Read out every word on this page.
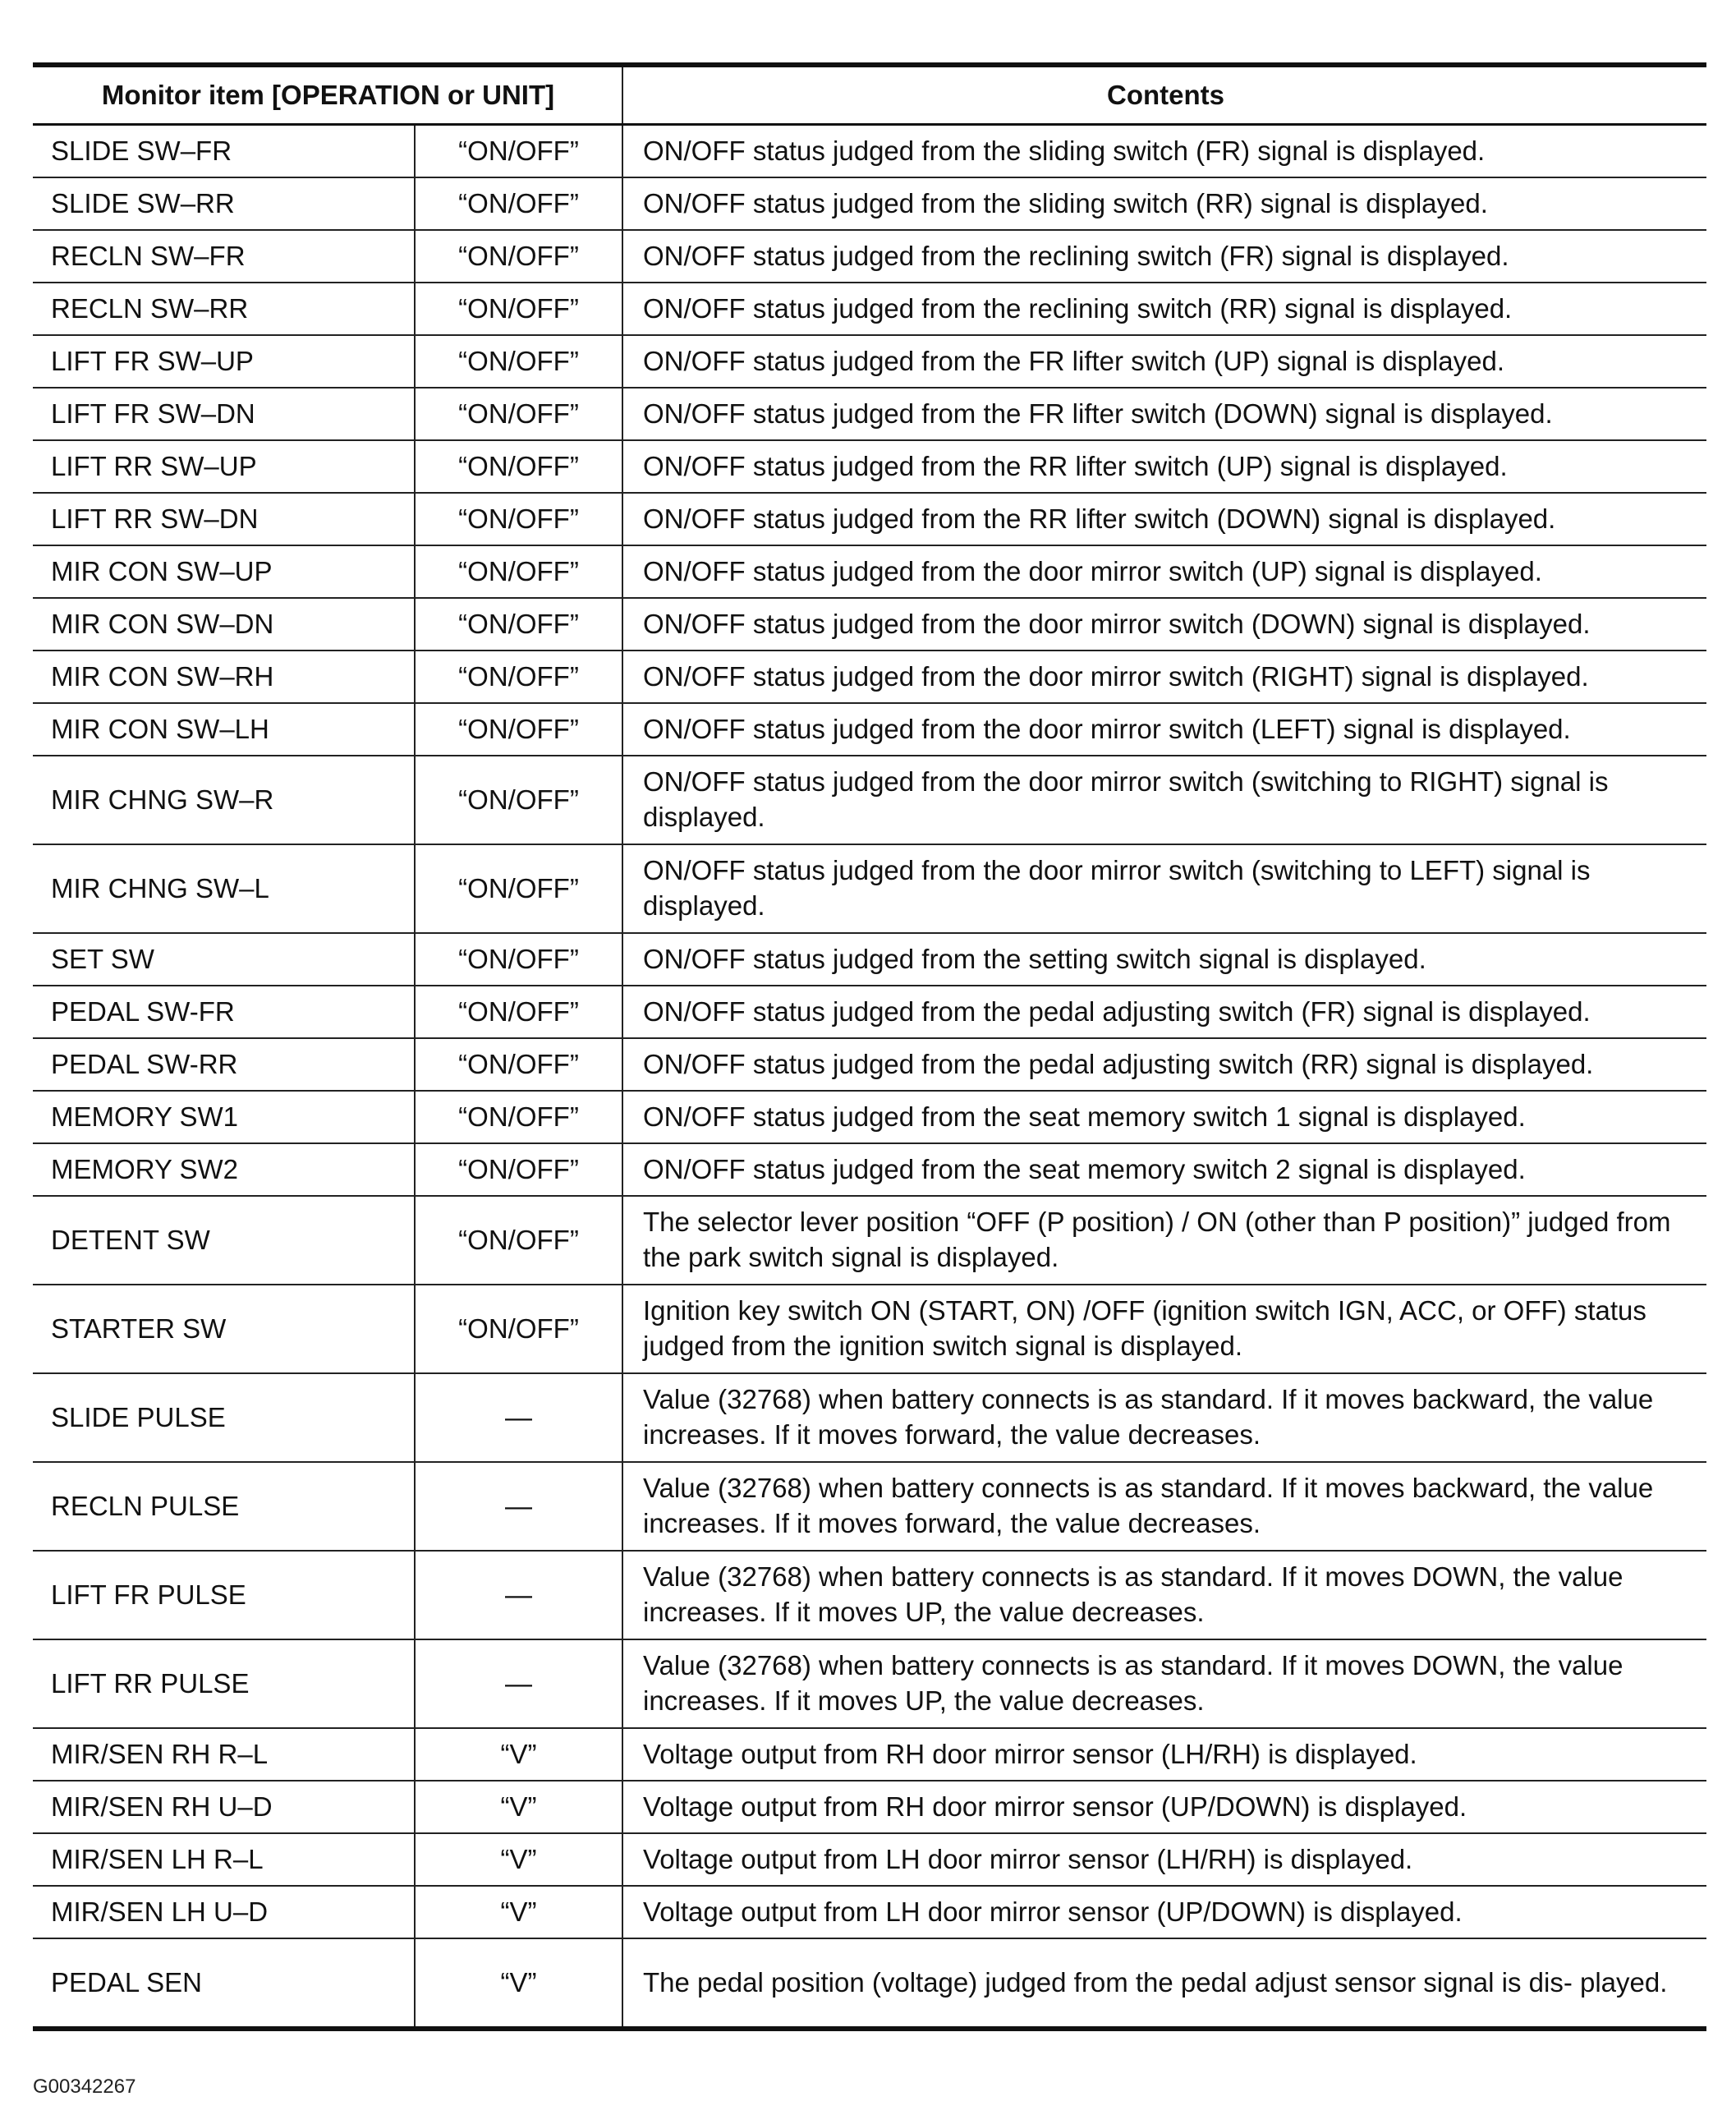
Monitor item [OPERATION or UNIT]		Contents
SLIDE SW–FR	“ON/OFF”	ON/OFF status judged from the sliding switch (FR) signal is displayed.
SLIDE SW–RR	“ON/OFF”	ON/OFF status judged from the sliding switch (RR) signal is displayed.
RECLN SW–FR	“ON/OFF”	ON/OFF status judged from the reclining switch (FR) signal is displayed.
RECLN SW–RR	“ON/OFF”	ON/OFF status judged from the reclining switch (RR) signal is displayed.
LIFT FR SW–UP	“ON/OFF”	ON/OFF status judged from the FR lifter switch (UP) signal is displayed.
LIFT FR SW–DN	“ON/OFF”	ON/OFF status judged from the FR lifter switch (DOWN) signal is displayed.
LIFT RR SW–UP	“ON/OFF”	ON/OFF status judged from the RR lifter switch (UP) signal is displayed.
LIFT RR SW–DN	“ON/OFF”	ON/OFF status judged from the RR lifter switch (DOWN) signal is displayed.
MIR CON SW–UP	“ON/OFF”	ON/OFF status judged from the door mirror switch (UP) signal is displayed.
MIR CON SW–DN	“ON/OFF”	ON/OFF status judged from the door mirror switch (DOWN) signal is displayed.
MIR CON SW–RH	“ON/OFF”	ON/OFF status judged from the door mirror switch (RIGHT) signal is displayed.
MIR CON SW–LH	“ON/OFF”	ON/OFF status judged from the door mirror switch (LEFT) signal is displayed.
MIR CHNG SW–R	“ON/OFF”	ON/OFF status judged from the door mirror switch (switching to RIGHT) signal is displayed.
MIR CHNG SW–L	“ON/OFF”	ON/OFF status judged from the door mirror switch (switching to LEFT) signal is displayed.
SET SW	“ON/OFF”	ON/OFF status judged from the setting switch signal is displayed.
PEDAL SW-FR	“ON/OFF”	ON/OFF status judged from the pedal adjusting switch (FR) signal is displayed.
PEDAL SW-RR	“ON/OFF”	ON/OFF status judged from the pedal adjusting switch (RR) signal is displayed.
MEMORY SW1	“ON/OFF”	ON/OFF status judged from the seat memory switch 1 signal is displayed.
MEMORY SW2	“ON/OFF”	ON/OFF status judged from the seat memory switch 2 signal is displayed.
DETENT SW	“ON/OFF”	The selector lever position “OFF (P position) / ON (other than P position)” judged from the park switch signal is displayed.
STARTER SW	“ON/OFF”	Ignition key switch ON (START, ON) /OFF (ignition switch IGN, ACC, or OFF) status judged from the ignition switch signal is displayed.
SLIDE PULSE	—	Value (32768) when battery connects is as standard. If it moves backward, the value increases. If it moves forward, the value decreases.
RECLN PULSE	—	Value (32768) when battery connects is as standard. If it moves backward, the value increases. If it moves forward, the value decreases.
LIFT FR PULSE	—	Value (32768) when battery connects is as standard. If it moves DOWN, the value increases. If it moves UP, the value decreases.
LIFT RR PULSE	—	Value (32768) when battery connects is as standard. If it moves DOWN, the value increases. If it moves UP, the value decreases.
MIR/SEN RH R–L	“V”	Voltage output from RH door mirror sensor (LH/RH) is displayed.
MIR/SEN RH U–D	“V”	Voltage output from RH door mirror sensor (UP/DOWN) is displayed.
MIR/SEN LH R–L	“V”	Voltage output from LH door mirror sensor (LH/RH) is displayed.
MIR/SEN LH U–D	“V”	Voltage output from LH door mirror sensor (UP/DOWN) is displayed.
PEDAL SEN	“V”	The pedal position (voltage) judged from the pedal adjust sensor signal is dis- played.
G00342267
